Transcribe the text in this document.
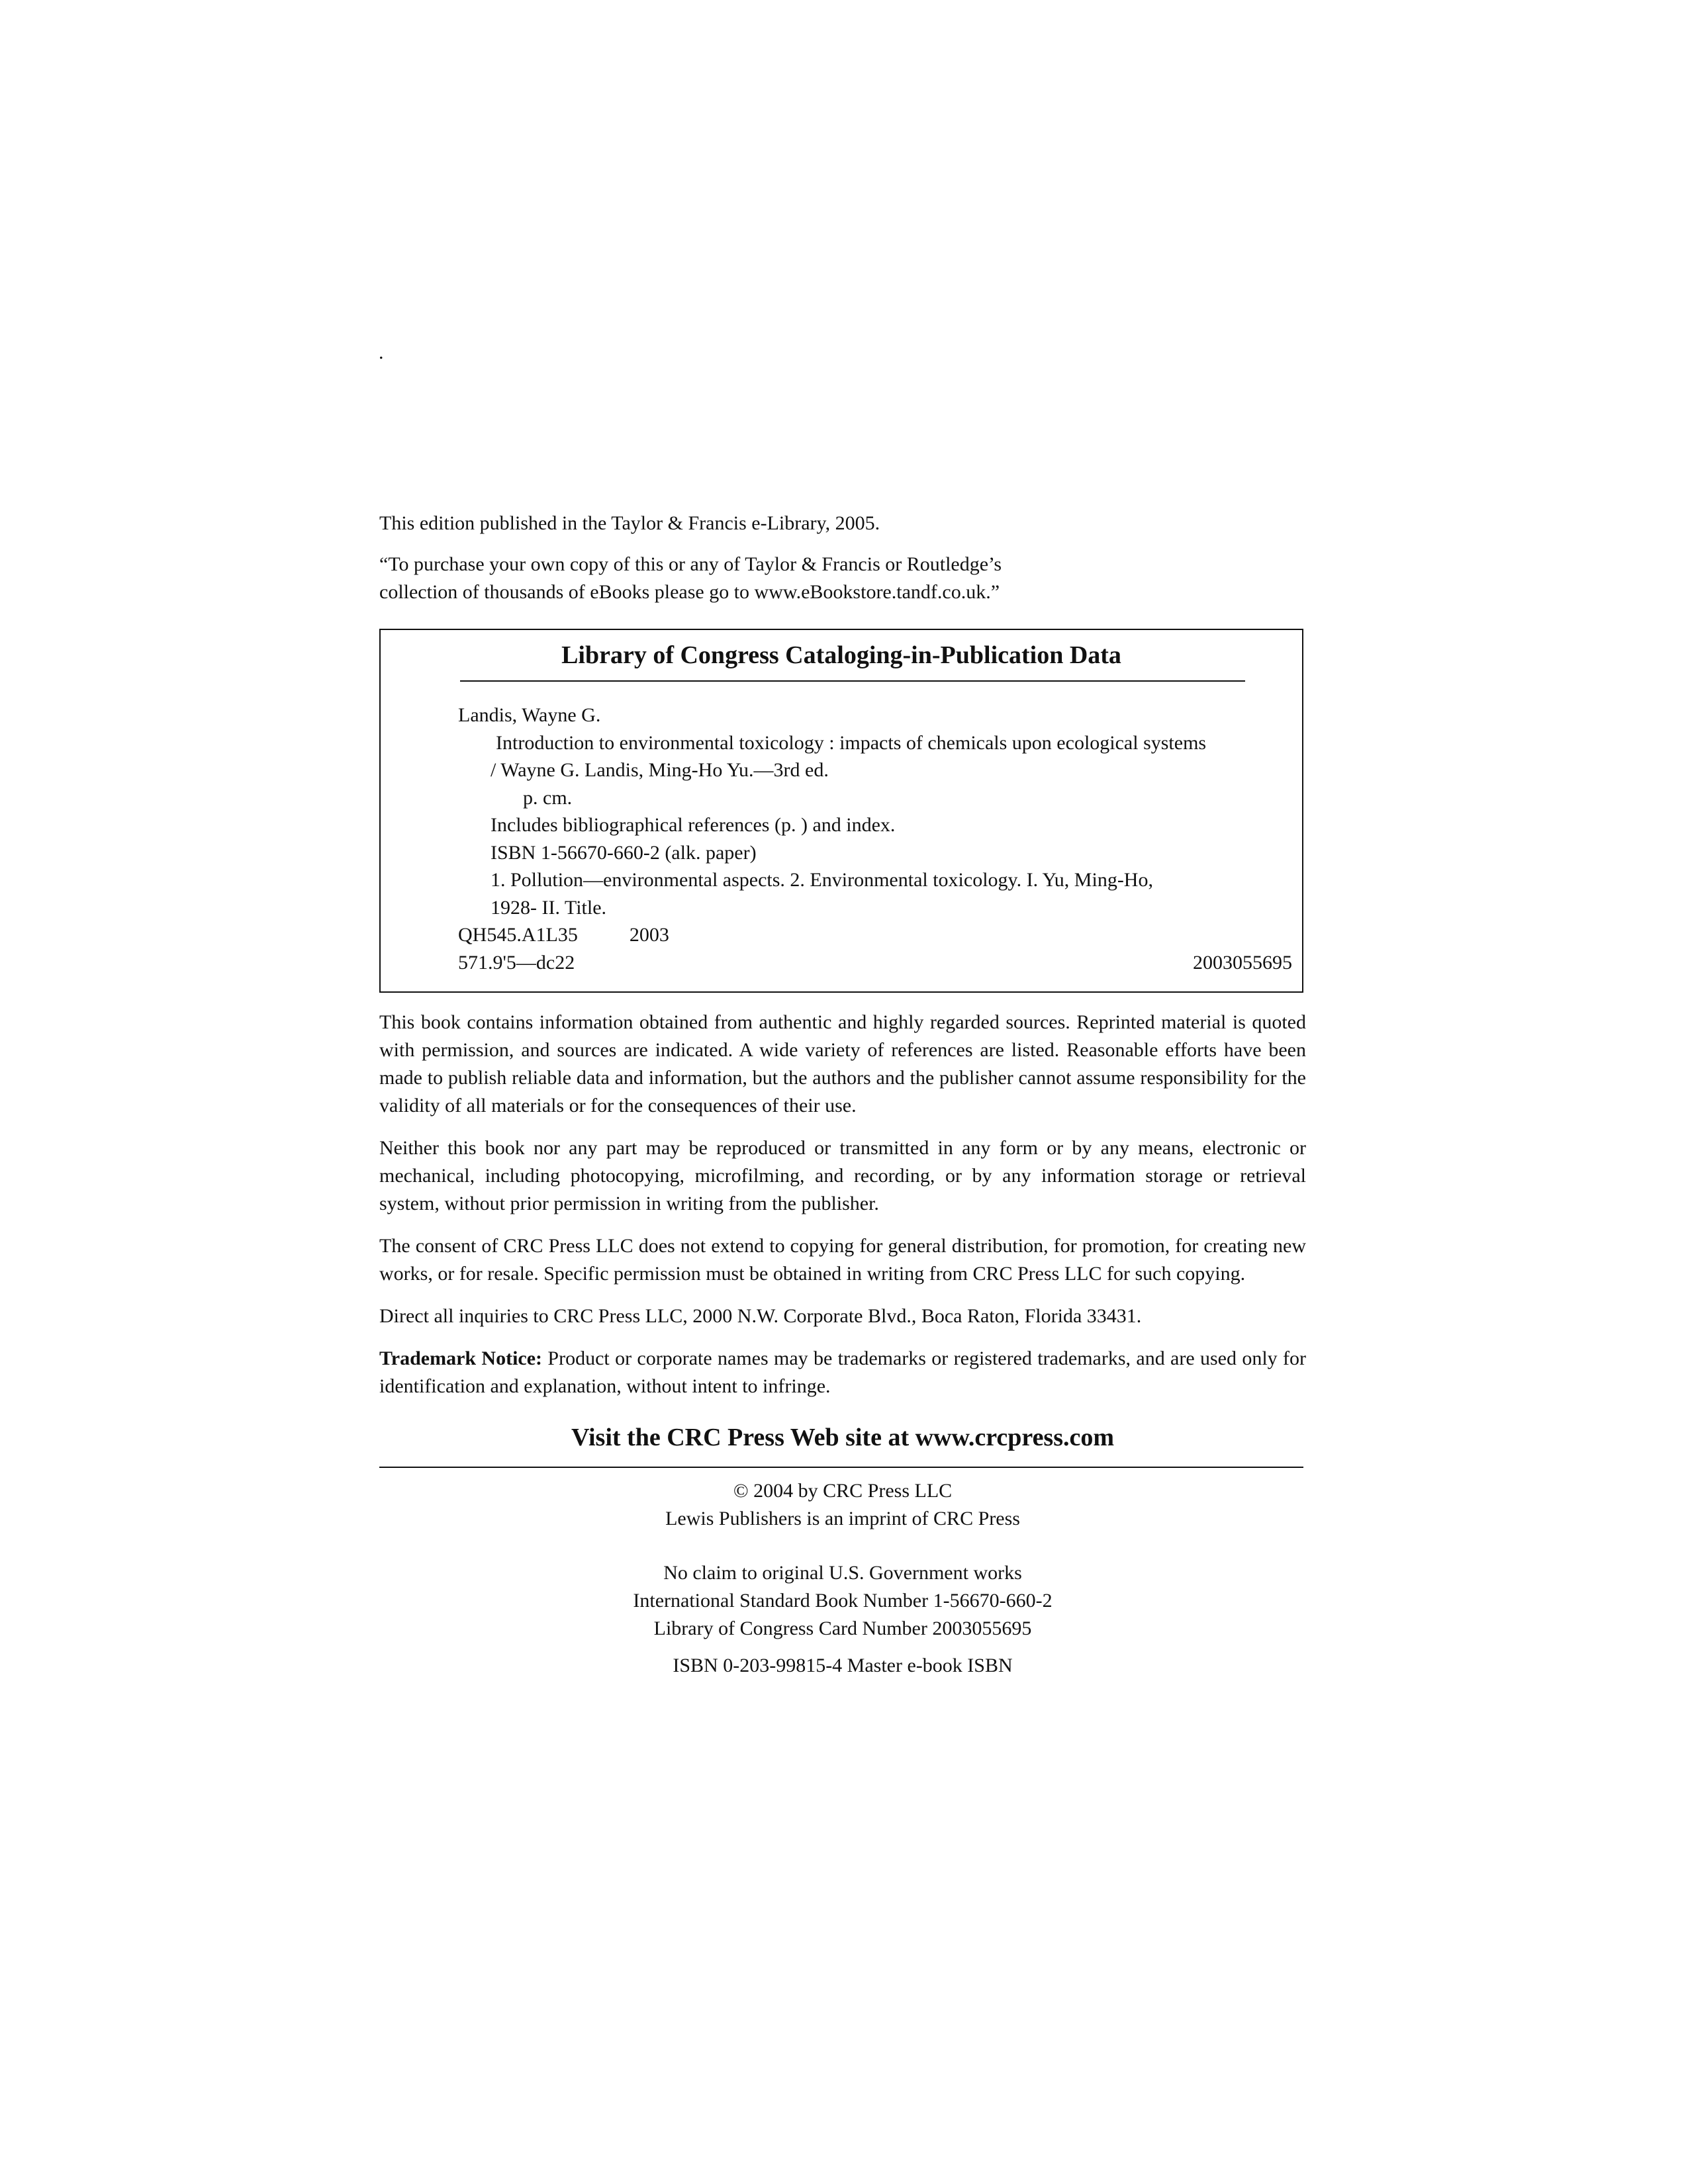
.

This edition published in the Taylor & Francis e-Library, 2005.

“To purchase your own copy of this or any of Taylor & Francis or Routledge’s
collection of thousands of eBooks please go to www.eBookstore.tandf.co.uk.”

Library of Congress Cataloging-in-Publication Data
Landis, Wayne G.
Introduction to environmental toxicology : impacts of chemicals upon ecological systems
/ Wayne G. Landis, Ming-Ho Yu.—3rd ed.
p. cm.
Includes bibliographical references (p. ) and index.
ISBN 1-56670-660-2 (alk. paper)
1. Pollution—environmental aspects. 2. Environmental toxicology. I. Yu, Ming-Ho,
1928- II. Title.
QH545.A1L35	2003
571.9'5—dc22	2003055695

This book contains information obtained from authentic and highly regarded sources. Reprinted material is quoted with permission, and sources are indicated. A wide variety of references are listed. Reasonable efforts have been made to publish reliable data and information, but the authors and the publisher cannot assume responsibility for the validity of all materials or for the consequences of their use.

Neither this book nor any part may be reproduced or transmitted in any form or by any means, electronic or mechanical, including photocopying, microfilming, and recording, or by any information storage or retrieval system, without prior permission in writing from the publisher.

The consent of CRC Press LLC does not extend to copying for general distribution, for promotion, for creating new works, or for resale. Specific permission must be obtained in writing from CRC Press LLC for such copying.

Direct all inquiries to CRC Press LLC, 2000 N.W. Corporate Blvd., Boca Raton, Florida 33431.

Trademark Notice: Product or corporate names may be trademarks or registered trademarks, and are used only for identification and explanation, without intent to infringe.

Visit the CRC Press Web site at www.crcpress.com
© 2004 by CRC Press LLC
Lewis Publishers is an imprint of CRC Press
No claim to original U.S. Government works
International Standard Book Number 1-56670-660-2
Library of Congress Card Number 2003055695
ISBN 0-203-99815-4 Master e-book ISBN
